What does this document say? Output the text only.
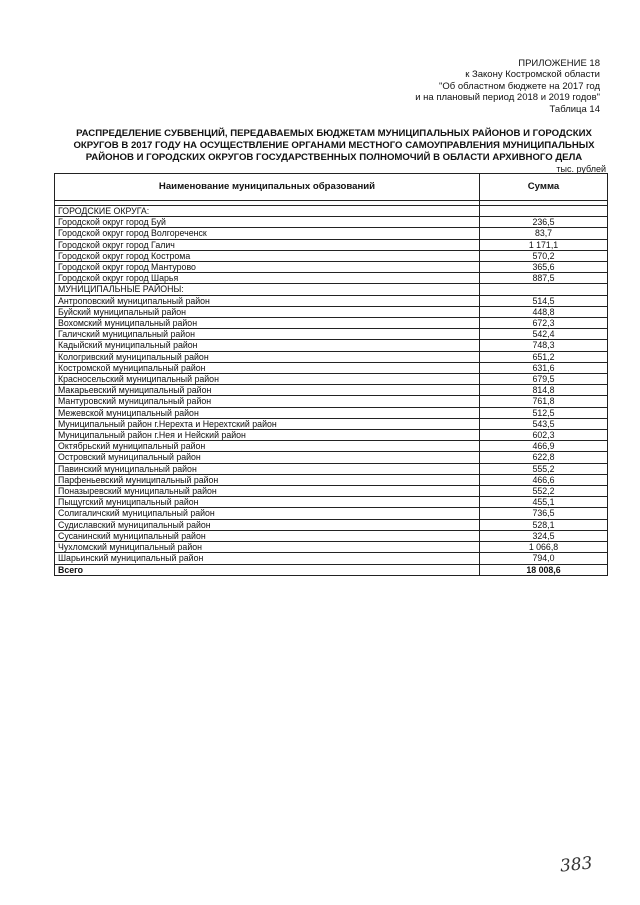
ПРИЛОЖЕНИЕ 18
к Закону Костромской области
"Об областном бюджете на 2017 год
и на плановый период 2018 и 2019 годов"
Таблица 14
РАСПРЕДЕЛЕНИЕ СУБВЕНЦИЙ, ПЕРЕДАВАЕМЫХ БЮДЖЕТАМ МУНИЦИПАЛЬНЫХ РАЙОНОВ И ГОРОДСКИХ
ОКРУГОВ В 2017 ГОДУ НА ОСУЩЕСТВЛЕНИЕ ОРГАНАМИ МЕСТНОГО САМОУПРАВЛЕНИЯ МУНИЦИПАЛЬНЫХ
РАЙОНОВ И ГОРОДСКИХ ОКРУГОВ ГОСУДАРСТВЕННЫХ ПОЛНОМОЧИЙ В ОБЛАСТИ АРХИВНОГО ДЕЛА
тыс. рублей
Наименование муниципальных образований	Сумма

ГОРОДСКИЕ ОКРУГА:	
Городской округ город Буй	236,5
Городской округ город Волгореченск	83,7
Городской округ город Галич	1 171,1
Городской округ город Кострома	570,2
Городской округ город Мантурово	365,6
Городской округ город Шарья	887,5
МУНИЦИПАЛЬНЫЕ РАЙОНЫ:	
Антроповский муниципальный район	514,5
Буйский муниципальный район	448,8
Вохомский муниципальный район	672,3
Галичский муниципальный район	542,4
Кадыйский муниципальный район	748,3
Кологривский муниципальный район	651,2
Костромской муниципальный район	631,6
Красносельский муниципальный район	679,5
Макарьевский муниципальный район	814,8
Мантуровский муниципальный район	761,8
Межевской муниципальный район	512,5
Муниципальный район г.Нерехта и Нерехтский район	543,5
Муниципальный район г.Нея и Нейский район	602,3
Октябрьский муниципальный район	466,9
Островский муниципальный район	622,8
Павинский муниципальный район	555,2
Парфеньевский муниципальный район	466,6
Поназыревский муниципальный район	552,2
Пыщугский муниципальный район	455,1
Солигаличский муниципальный район	736,5
Судиславский муниципальный район	528,1
Сусанинский муниципальный район	324,5
Чухломский муниципальный район	1 066,8
Шарьинский муниципальный район	794,0
Всего	18 008,6
383
